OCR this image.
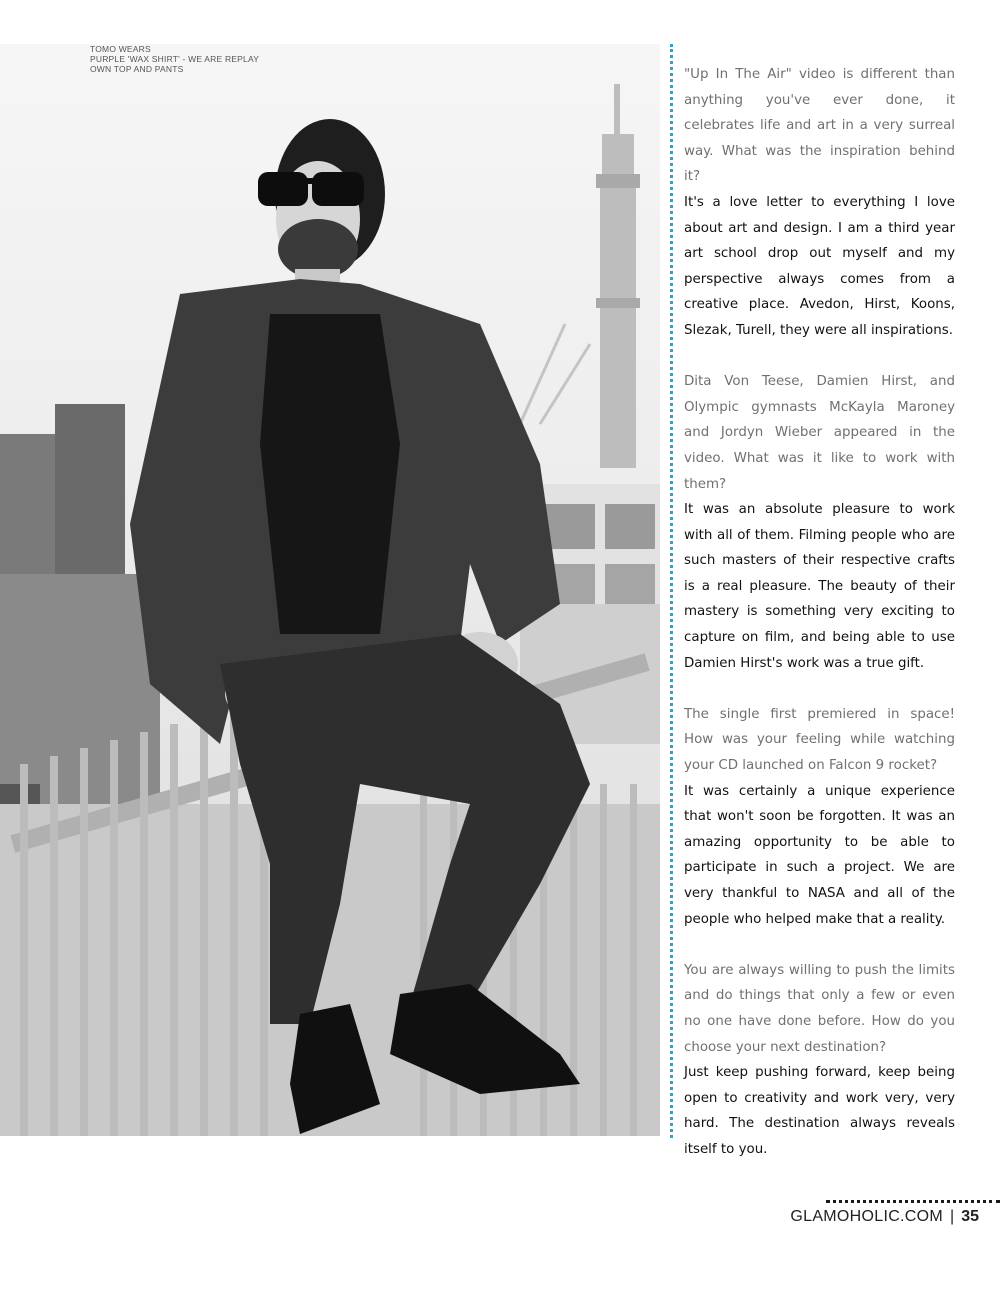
TOMO WEARS
PURPLE 'WAX SHIRT' - WE ARE REPLAY
OWN TOP AND PANTS	"Up In The Air" video is different than anything you've ever done, it celebrates life and art in a very surreal way. What was the inspiration behind it?

It's a love letter to everything I love about art and design. I am a third year art school drop out myself and my perspective always comes from a creative place. Avedon, Hirst, Koons, Slezak, Turell, they were all inspirations.

Dita Von Teese, Damien Hirst, and Olympic gymnasts McKayla Maroney and Jordyn Wieber appeared in the video. What was it like to work with them?

It was an absolute pleasure to work with all of them. Filming people who are such masters of their respective crafts is a real pleasure. The beauty of their mastery is something very exciting to capture on film, and being able to use Damien Hirst's work was a true gift.

The single first premiered in space! How was your feeling while watching your CD launched on Falcon 9 rocket?

It was certainly a unique experience that won't soon be forgotten. It was an amazing opportunity to be able to participate in such a project. We are very thankful to NASA and all of the people who helped make that a reality.

You are always willing to push the limits and do things that only a few or even no one have done before. How do you choose your next destination?

Just keep pushing forward, keep being open to creativity and work very, very hard. The destination always reveals itself to you.

GLAMOHOLIC.COM | 35
